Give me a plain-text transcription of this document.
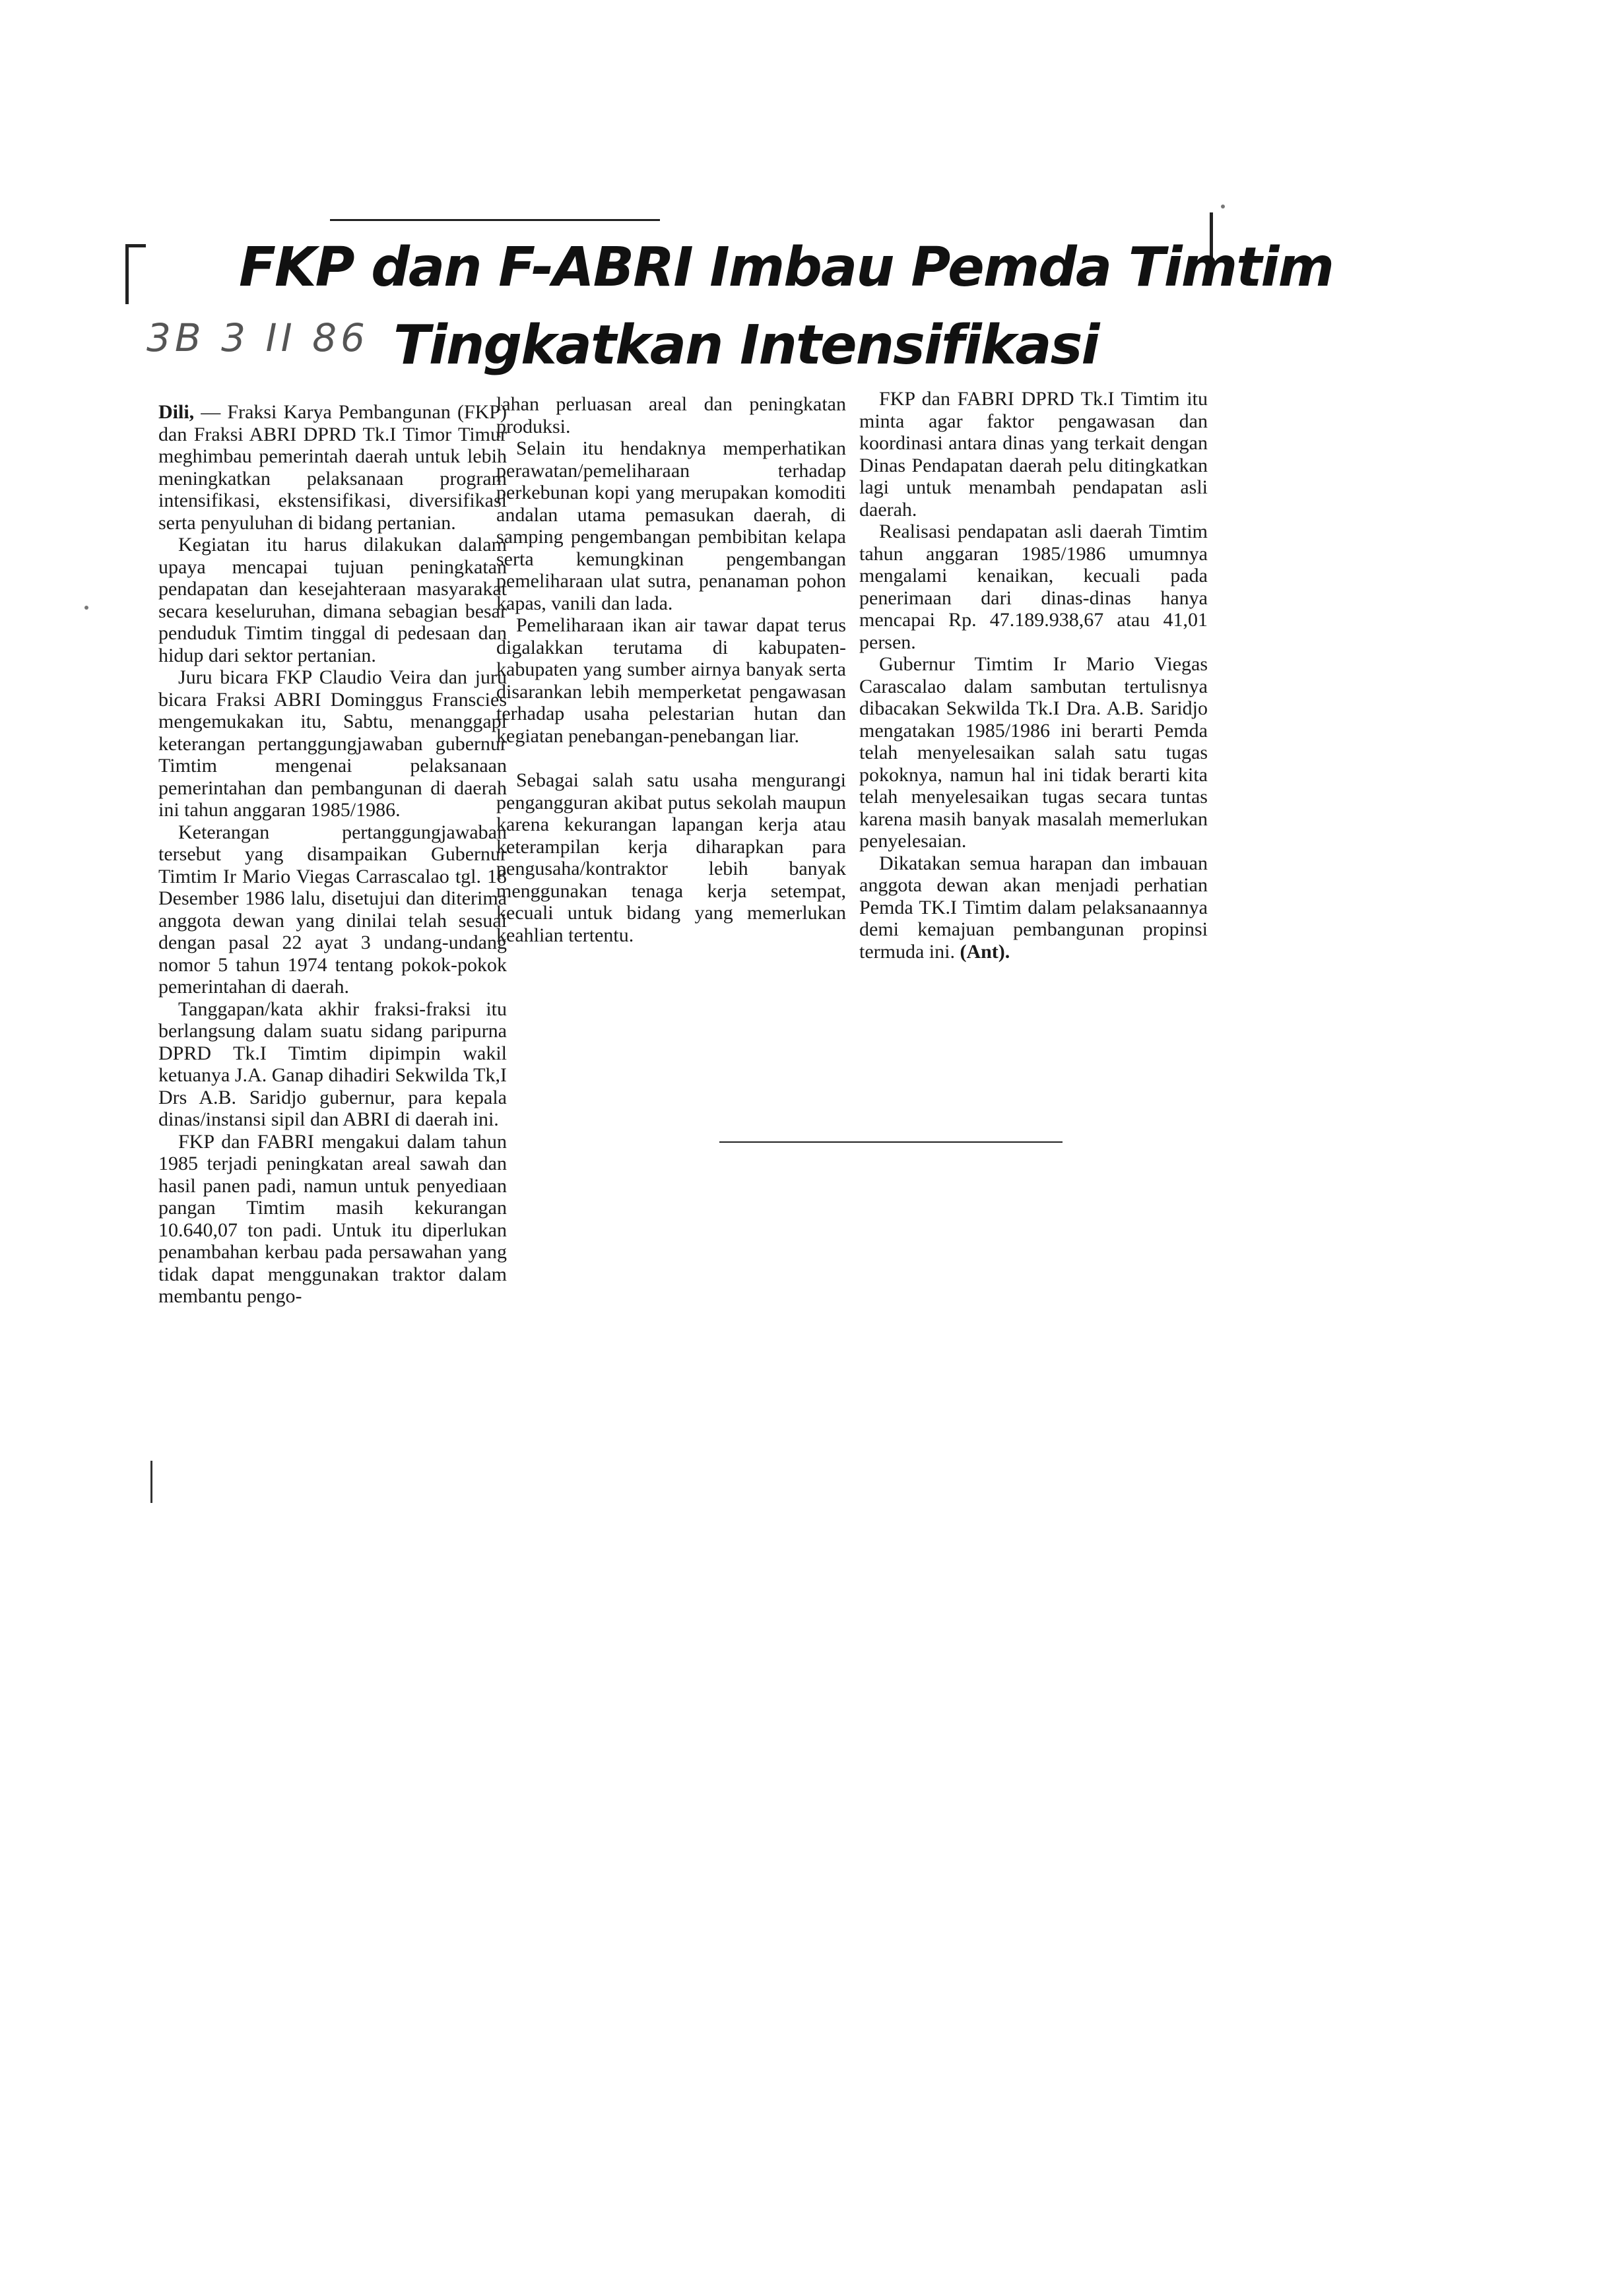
FKP dan F-ABRI Imbau Pemda Timtim
3B 3 II 86 Tingkatkan Intensifikasi

Dili, — Fraksi Karya Pembangunan (FKP) dan Fraksi ABRI DPRD Tk.I Timor Timur meghimbau pemerintah daerah untuk lebih meningkatkan pelaksanaan program intensifikasi, ekstensifikasi, diversifikasi serta penyuluhan di bidang pertanian.

Kegiatan itu harus dilakukan dalam upaya mencapai tujuan peningkatan pendapatan dan kesejahteraan masyarakat secara keseluruhan, dimana sebagian besar penduduk Timtim tinggal di pedesaan dan hidup dari sektor pertanian.

Juru bicara FKP Claudio Veira dan juru bicara Fraksi ABRI Dominggus Franscies mengemukakan itu, Sabtu, menanggapi keterangan pertanggungjawaban gubernur Timtim mengenai pelaksanaan pemerintahan dan pembangunan di daerah ini tahun anggaran 1985/1986.

Keterangan pertanggungjawaban tersebut yang disampaikan Gubernur Timtim Ir Mario Viegas Carrascalao tgl. 18 Desember 1986 lalu, disetujui dan diterima anggota dewan yang dinilai telah sesuai dengan pasal 22 ayat 3 undang-undang nomor 5 tahun 1974 tentang pokok-pokok pemerintahan di daerah.

Tanggapan/kata akhir fraksi-fraksi itu berlangsung dalam suatu sidang paripurna DPRD Tk.I Timtim dipimpin wakil ketuanya J.A. Ganap dihadiri Sekwilda Tk,I Drs A.B. Saridjo gubernur, para kepala dinas/instansi sipil dan ABRI di daerah ini.

FKP dan FABRI mengakui dalam tahun 1985 terjadi peningkatan areal sawah dan hasil panen padi, namun untuk penyediaan pangan Timtim masih kekurangan 10.640,07 ton padi. Untuk itu diperlukan penambahan kerbau pada persawahan yang tidak dapat menggunakan traktor dalam membantu pengo-

lahan perluasan areal dan peningkatan produksi.

Selain itu hendaknya memperhatikan perawatan/pemeliharaan terhadap perkebunan kopi yang merupakan komoditi andalan utama pemasukan daerah, di samping pengembangan pembibitan kelapa serta kemungkinan pengembangan pemeliharaan ulat sutra, penanaman pohon kapas, vanili dan lada.

Pemeliharaan ikan air tawar dapat terus digalakkan terutama di kabupaten-kabupaten yang sumber airnya banyak serta disarankan lebih memperketat pengawasan terhadap usaha pelestarian hutan dan kegiatan penebangan-penebangan liar.

Sebagai salah satu usaha mengurangi pengangguran akibat putus sekolah maupun karena kekurangan lapangan kerja atau keterampilan kerja diharapkan para pengusaha/kontraktor lebih banyak menggunakan tenaga kerja setempat, kecuali untuk bidang yang memerlukan keahlian tertentu.

FKP dan FABRI DPRD Tk.I Timtim itu minta agar faktor pengawasan dan koordinasi antara dinas yang terkait dengan Dinas Pendapatan daerah pelu ditingkatkan lagi untuk menambah pendapatan asli daerah.

Realisasi pendapatan asli daerah Timtim tahun anggaran 1985/1986 umumnya mengalami kenaikan, kecuali pada penerimaan dari dinas-dinas hanya mencapai Rp. 47.189.938,67 atau 41,01 persen.

Gubernur Timtim Ir Mario Viegas Carascalao dalam sambutan tertulisnya dibacakan Sekwilda Tk.I Dra. A.B. Saridjo mengatakan 1985/1986 ini berarti Pemda telah menyelesaikan salah satu tugas pokoknya, namun hal ini tidak berarti kita telah menyelesaikan tugas secara tuntas karena masih banyak masalah memerlukan penyelesaian.

Dikatakan semua harapan dan imbauan anggota dewan akan menjadi perhatian Pemda TK.I Timtim dalam pelaksanaannya demi kemajuan pembangunan propinsi termuda ini. (Ant).
